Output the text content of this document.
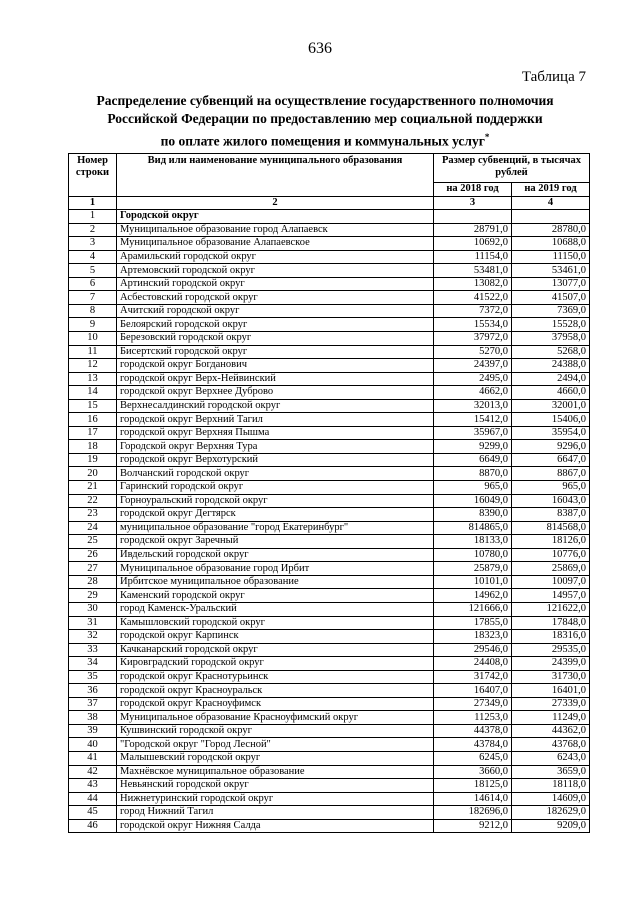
636
Таблица 7
Распределение субвенций на осуществление государственного полномочия
Российской Федерации по предоставлению мер социальной поддержки
по оплате жилого помещения и коммунальных услуг*
Номер строки	Вид или наименование муниципального образования	Размер субвенций, в тысячах рублей	
		на 2018 год	на 2019 год
1	2	3	4
1	Городской округ		
2	Муниципальное образование город Алапаевск	28791,0	28780,0
3	Муниципальное образование Алапаевское	10692,0	10688,0
4	Арамильский городской округ	11154,0	11150,0
5	Артемовский городской округ	53481,0	53461,0
6	Артинский городской округ	13082,0	13077,0
7	Асбестовский городской округ	41522,0	41507,0
8	Ачитский городской округ	7372,0	7369,0
9	Белоярский городской округ	15534,0	15528,0
10	Березовский городской округ	37972,0	37958,0
11	Бисертский городской округ	5270,0	5268,0
12	городской округ Богданович	24397,0	24388,0
13	городской округ Верх-Нейвинский	2495,0	2494,0
14	городской округ Верхнее Дуброво	4662,0	4660,0
15	Верхнесалдинский городской округ	32013,0	32001,0
16	городской округ Верхний Тагил	15412,0	15406,0
17	городской округ Верхняя Пышма	35967,0	35954,0
18	Городской округ Верхняя Тура	9299,0	9296,0
19	городской округ Верхотурский	6649,0	6647,0
20	Волчанский городской округ	8870,0	8867,0
21	Гаринский городской округ	965,0	965,0
22	Горноуральский городской округ	16049,0	16043,0
23	городской округ Дегтярск	8390,0	8387,0
24	муниципальное образование "город Екатеринбург"	814865,0	814568,0
25	городской округ Заречный	18133,0	18126,0
26	Ивдельский городской округ	10780,0	10776,0
27	Муниципальное образование город Ирбит	25879,0	25869,0
28	Ирбитское муниципальное образование	10101,0	10097,0
29	Каменский городской округ	14962,0	14957,0
30	город Каменск-Уральский	121666,0	121622,0
31	Камышловский городской округ	17855,0	17848,0
32	городской округ Карпинск	18323,0	18316,0
33	Качканарский городской округ	29546,0	29535,0
34	Кировградский городской округ	24408,0	24399,0
35	городской округ Краснотурьинск	31742,0	31730,0
36	городской округ Красноуральск	16407,0	16401,0
37	городской округ Красноуфимск	27349,0	27339,0
38	Муниципальное образование Красноуфимский округ	11253,0	11249,0
39	Кушвинский городской округ	44378,0	44362,0
40	"Городской округ "Город Лесной"	43784,0	43768,0
41	Малышевский городской округ	6245,0	6243,0
42	Махнёвское муниципальное образование	3660,0	3659,0
43	Невьянский городской округ	18125,0	18118,0
44	Нижнетуринский городской округ	14614,0	14609,0
45	город Нижний Тагил	182696,0	182629,0
46	городской округ Нижняя Салда	9212,0	9209,0
